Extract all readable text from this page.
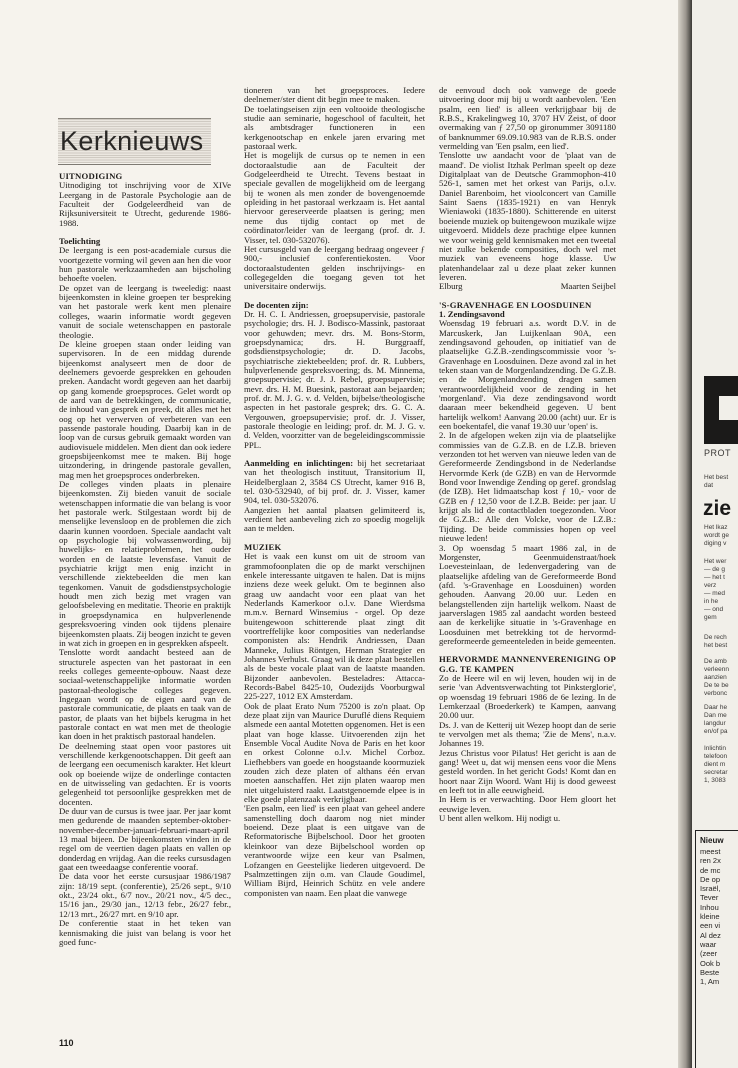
Kerknieuws

UITNODIGING

Uitnodiging tot inschrijving voor de XIVe Leergang in de Pastorale Psychologie aan de Faculteit der Godgeleerdheid van de Rijksuniversiteit te Utrecht, gedurende 1986-1988.

Toelichting

De leergang is een post-academiale cursus die voortgezette vorming wil geven aan hen die voor hun pastorale werkzaamheden aan bijscholing behoefte voelen.

De opzet van de leergang is tweeledig: naast bijeenkomsten in kleine groepen ter bespreking van het pastorale werk kent men plenaire colleges, waarin informatie wordt gegeven vanuit de sociale wetenschappen en pastorale theologie.

De kleine groepen staan onder leiding van supervisoren. In de een middag durende bijeenkomst analyseert men de door de deelnemers gevoerde gesprekken en gehouden preken. Aandacht wordt gegeven aan het daarbij op gang komende groepsproces. Gelet wordt op de aard van de betrekkingen, de communicatie, de inhoud van gesprek en preek, dit alles met het oog op het verwerven of verbeteren van een passende pastorale houding. Daarbij kan in de loop van de cursus gebruik gemaakt worden van audiovisuele middelen. Men dient dan ook iedere groepsbijeenkomst mee te maken. Bij hoge uitzondering, in dringende pastorale gevallen, mag men het groepsproces onderbreken.

De colleges vinden plaats in plenaire bijeenkomsten. Zij bieden vanuit de sociale wetenschappen informatie die van belang is voor het pastorale werk. Stilgestaan wordt bij de menselijke levensloop en de problemen die zich daarin kunnen voordoen. Speciale aandacht valt op psychologie bij volwassenwording, bij huwelijks- en relatieproblemen, het ouder worden en de laatste levensfase. Vanuit de psychiatrie krijgt men enig inzicht in verschillende ziektebeelden die men kan tegenkomen. Vanuit de godsdienstpsychologie houdt men zich bezig met vragen van geloofsbeleving en meditatie. Theorie en praktijk in groepsdynamica en hulpverlenende gespreksvoering vinden ook tijdens plenaire bijeenkomsten plaats. Zij beogen inzicht te geven in wat zich in groepen en in gesprekken afspeelt.

Tenslotte wordt aandacht besteed aan de structurele aspecten van het pastoraat in een reeks colleges gemeente-opbouw. Naast deze sociaal-wetenschappelijke informatie worden pastoraal-theologische colleges gegeven. Ingegaan wordt op de eigen aard van de pastorale communicatie, de plaats en taak van de pastor, de plaats van het bijbels kerugma in het pastorale contact en wat men met de theologie kan doen in het praktisch pastoraal handelen.

De deelneming staat open voor pastores uit verschillende kerkgenootschappen. Dit geeft aan de leergang een oecumenisch karakter. Het kleurt ook op boeiende wijze de onderlinge contacten en de uitwisseling van gedachten. Er is voorts gelegenheid tot persoonlijke gesprekken met de docenten.

De duur van de cursus is twee jaar. Per jaar komt men gedurende de maanden september-oktober-november-december-januari-februari-maart-april 13 maal bijeen. De bijeenkomsten vinden in de regel om de veertien dagen plaats en vallen op donderdag en vrijdag. Aan die reeks cursusdagen gaat een tweedaagse conferentie vooraf.

De data voor het eerste cursusjaar 1986/1987 zijn: 18/19 sept. (conferentie), 25/26 sept., 9/10 okt., 23/24 okt., 6/7 nov., 20/21 nov., 4/5 dec., 15/16 jan., 29/30 jan., 12/13 febr., 26/27 febr., 12/13 mrt., 26/27 mrt. en 9/10 apr.

De conferentie staat in het teken van kennismaking die juist van belang is voor het goed func-

tioneren van het groepsproces. Iedere deelnemer/ster dient dit begin mee te maken.

De toelatingseisen zijn een voltooide theologische studie aan seminarie, hogeschool of faculteit, het als ambtsdrager functioneren in een kerkgenootschap en enkele jaren ervaring met pastoraal werk.

Het is mogelijk de cursus op te nemen in een doctoraalstudie aan de Faculteit der Godgeleerdheid te Utrecht. Tevens bestaat in speciale gevallen de mogelijkheid om de leergang bij te wonen als men zonder de bovengenoemde opleiding in het pastoraal werkzaam is. Het aantal hiervoor gereserveerde plaatsen is gering; men neme dus tijdig contact op met de coördinator/leider van de leergang (prof. dr. J. Visser, tel. 030-532076).

Het cursusgeld van de leergang bedraag ongeveer ƒ 900,- inclusief conferentiekosten. Voor doctoraalstudenten gelden inschrijvings- en collegegelden die toegang geven tot het universitaire onderwijs.

De docenten zijn:

Dr. H. C. I. Andriessen, groepsupervisie, pastorale psychologie; drs. H. J. Bodisco-Massink, pastoraat voor gehuwden; mevr. drs. M. Bons-Storm, groepsdynamica; drs. H. Burggraaff, godsdienstpsychologie; dr. D. Jacobs, psychiatrische ziektebeelden; prof. dr. R. Lubbers, hulpverlenende gespreksvoering; ds. M. Minnema, groepsupervisie; dr. J. J. Rebel, groepsupervisie; mevr. drs. H. M. Buesink, pastoraat aan bejaarden; prof. dr. M. J. G. v. d. Velden, bijbelse/theologische aspecten in het pastorale gesprek; drs. G. C. A. Vergouwen, groepsupervisie; prof. dr. J. Visser, pastorale theologie en leiding; prof. dr. M. J. G. v. d. Velden, voorzitter van de begeleidingscommissie PPL.

Aanmelding en inlichtingen: bij het secretariaat van het theologisch instituut, Transitorium II, Heidelberglaan 2, 3584 CS Utrecht, kamer 916 B, tel. 030-532940, of bij prof. dr. J. Visser, kamer 904, tel. 030-532076.

Aangezien het aantal plaatsen gelimiteerd is, verdient het aanbeveling zich zo spoedig mogelijk aan te melden.

MUZIEK

Het is vaak een kunst om uit de stroom van grammofoonplaten die op de markt verschijnen enkele interessante uitgaven te halen. Dat is mijns inziens deze week gelukt. Om te beginnen also graag uw aandacht voor een plaat van het Nederlands Kamerkoor o.l.v. Dane Wierdsma m.m.v. Bernard Winsemius - orgel. Op deze buitengewoon schitterende plaat zingt dit voortreffelijke koor composities van nederlandse componisten als: Hendrik Andriessen, Daan Manneke, Julius Röntgen, Herman Strategier en Johannes Verhulst. Graag wil ik deze plaat bestellen als de beste vocale plaat van de laatste maanden. Bijzonder aanbevolen. Besteladres: Attacca-Records-Babel 8425-10, Oudezijds Voorburgwal 225-227, 1012 EX Amsterdam.

Ook de plaat Erato Num 75200 is zo'n plaat. Op deze plaat zijn van Maurice Duruflé diens Requiem alsmede een aantal Motetten opgenomen. Het is een plaat van hoge klasse. Uitvoerenden zijn het Ensemble Vocal Audite Nova de Paris en het koor en orkest Colonne o.l.v. Michel Corboz. Liefhebbers van goede en hoogstaande koormuziek zouden zich deze platen of althans één ervan moeten aanschaffen. Het zijn platen waarop men niet uitgeluisterd raakt. Laatstgenoemde elpee is in elke goede platenzaak verkrijgbaar.

'Een psalm, een lied' is een plaat van geheel andere samenstelling doch daarom nog niet minder boeiend. Deze plaat is een uitgave van de Reformatorische Bijbelschool. Door het grooten kleinkoor van deze Bijbelschool worden op verantwoorde wijze een keur van Psalmen, Lofzangen en Geestelijke liederen uitgevoerd. De Psalmzettingen zijn o.m. van Claude Goudimel, William Bijrd, Heinrich Schütz en vele andere componisten van naam. Een plaat die vanwege

de eenvoud doch ook vanwege de goede uitvoering door mij bij u wordt aanbevolen. 'Een psalm, een lied' is alleen verkrijgbaar bij de R.B.S., Krakelingweg 10, 3707 HV Zeist, of door overmaking van ƒ 27,50 op gironummer 3091180 of banknummer 69.09.10.983 van de R.B.S. onder vermelding van 'Een psalm, een lied'.

Tenslotte uw aandacht voor de 'plaat van de maand'. De violist Itzhak Perlman speelt op deze Digitalplaat van de Deutsche Grammophon-410 526-1, samen met het orkest van Parijs, o.l.v. Daniel Barenboim, het vioolconcert van Camille Saint Saens (1835-1921) en van Henryk Wieniawoki (1835-1880). Schitterende en uiterst boeiende muziek op buitengewoon muzikale wijze uitgevoerd. Middels deze prachtige elpee kunnen we voor weinig geld kennismaken met een tweetal niet zulke bekende composities, doch wel met muziek van eveneens hoge klasse. Uw platenhandelaar zal u deze plaat zeker kunnen leveren.

Elburg	Maarten Seijbel

'S-GRAVENHAGE EN LOOSDUINEN

1. Zendingsavond

Woensdag 19 februari a.s. wordt D.V. in de Marcuskerk, Jan Luijkenlaan 90A, een zendingsavond gehouden, op initiatief van de plaatselijke G.Z.B.-zendingscommissie voor 's-Gravenhage en Loosduinen. Deze avond zal in het teken staan van de Morgenlandzending. De G.Z.B. en de Morgenlandzending dragen samen verantwoordelijkheid voor de zending in het 'morgenland'. Via deze zendingsavond wordt daaraan meer bekendheid gegeven. U bent hartelijk welkom! Aanvang 20.00 (acht) uur. Er is een boekentafel, die vanaf 19.30 uur 'open' is.

2. In de afgelopen weken zijn via de plaatselijke commissies van de G.Z.B. en de I.Z.B. brieven verzonden tot het werven van nieuwe leden van de Gereformeerde Zendingsbond in de Nederlandse Hervormde Kerk (de GZB) en van de Hervormde Bond voor Inwendige Zending op geref. grondslag (de IZB). Het lidmaatschap kost ƒ 10,- voor de GZB en ƒ 12,50 voor de I.Z.B. Beide: per jaar. U krijgt als lid de contactbladen toegezonden. Voor de G.Z.B.: Alle den Volcke, voor de I.Z.B.: Tijding. De beide commissies hopen op veel nieuwe leden!

3. Op woensdag 5 maart 1986 zal, in de Morgenster, Geenmuidenstraat/hoek Loevesteinlaan, de ledenvergadering van de plaatselijke afdeling van de Gereformeerde Bond (afd. 's-Gravenhage en Loosduinen) worden gehouden. Aanvang 20.00 uur. Leden en belangstellenden zijn hartelijk welkom. Naast de jaarverslagen 1985 zal aandacht worden besteed aan de kerkelijke situatie in 's-Gravenhage en Loosduinen met betrekking tot de hervormd-gereformeerde gemeenteleden in beide gemeenten.

HERVORMDE MANNENVERENIGING OP G.G. TE KAMPEN

Zo de Heere wil en wij leven, houden wij in de serie 'van Adventsverwachting tot Pinksterglorie', op woensdag 19 februari 1986 de 6e lezing. In de Lemkerzaal (Broederkerk) te Kampen, aanvang 20.00 uur.

Ds. J. van de Ketterij uit Wezep hoopt dan de serie te vervolgen met als thema; 'Zie de Mens', n.a.v. Johannes 19.

Jezus Christus voor Pilatus! Het gericht is aan de gang! Weet u, dat wij mensen eens voor die Mens gesteld worden. In het gericht Gods! Komt dan en hoort naar Zijn Woord. Want Hij is dood geweest en leeft tot in alle eeuwigheid.

In Hem is er verwachting. Door Hem gloort het eeuwige leven.

U bent allen welkom. Hij nodigt u.

110
PROT
Het best
dat
zie
Het lkaz
wordt ge
diging v
Het wer
— de g
— het t
verz
— med
in he
— ond
gem
De rech
het best
De amb
verleenn
aanzien
De te be
verbonc
Daar he
Dan me
langdur
en/of pa
Inlichtin
telefoon
dient m
secretar
1, 3083
Nieuw
meest
ren 2x
de mc
De op
Israël,
Tever
Inhou
kleine
een vi
Al dez
waar
(zeer
Ook b
Beste
1, Am
